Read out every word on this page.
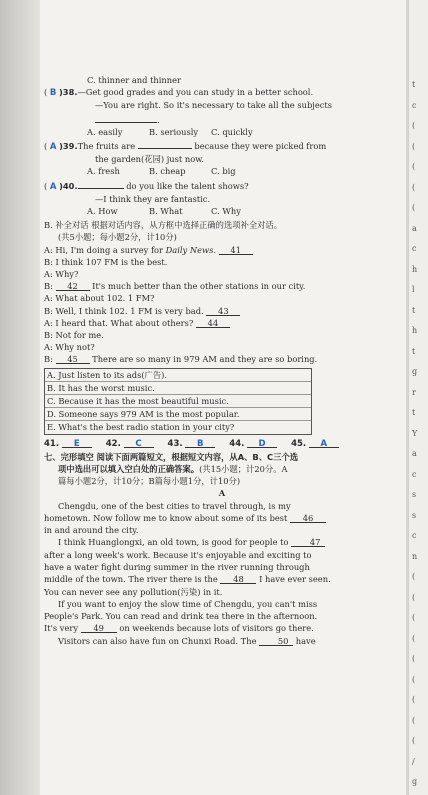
t
c
(
(
(
(
(
a
c
h
l
t
h
t
g
r
t
Y
a
c
s
s
c
n
(
(
(
(
(
(
(
(
(
/
g
C. thinner and thinner
( B )38.—Get good grades and you can study in a better school.
—You are right. So it's necessary to take all the subjects
.
A. easily	B. seriously	C. quickly
( A )39.The fruits are	because they were picked from
the garden(花园) just now.
A. fresh	B. cheap	C. big
( A )40.	do you like the talent shows?
—I think they are fantastic.
A. How	B. What	C. Why
B. 补全对话 根据对话内容，从方框中选择正确的选项补全对话。
(共5小题；每小题2分，计10分)
A: Hi, I'm doing a survey for Daily News. 41
B: I think 107 FM is the best.
A: Why?
B: 42 It's much better than the other stations in our city.
A: What about 102. 1 FM?
B: Well, I think 102. 1 FM is very bad. 43
A: I heard that. What about others? 44
B: Not for me.
A: Why not?
B: 45 There are so many in 979 AM and they are so boring.
A. Just listen to its ads(广告).
B. It has the worst music.
C. Because it has the most beautiful music.
D. Someone says 979 AM is the most popular.
E. What's the best radio station in your city?
41. E	42. C	43. B	44. D	45. A
七、完形填空 阅读下面两篇短文，根据短文内容，从A、B、C三个选
项中选出可以填入空白处的正确答案。(共15小题；计20分。A
篇每小题2分，计10分；B篇每小题1分，计10分)
A
Chengdu, one of the best cities to travel through, is my
hometown. Now follow me to know about some of its best 46
in and around the city.
I think Huanglongxi, an old town, is good for people to	47
after a long week's work. Because it's enjoyable and exciting to
have a water fight during summer in the river running through
middle of the town. The river there is the 48 I have ever seen.
You can never see any pollution(污染) in it.
If you want to enjoy the slow time of Chengdu, you can't miss
People's Park. You can read and drink tea there in the afternoon.
It's very 49 on weekends because lots of visitors go there.
Visitors can also have fun on Chunxi Road. The	50 have
